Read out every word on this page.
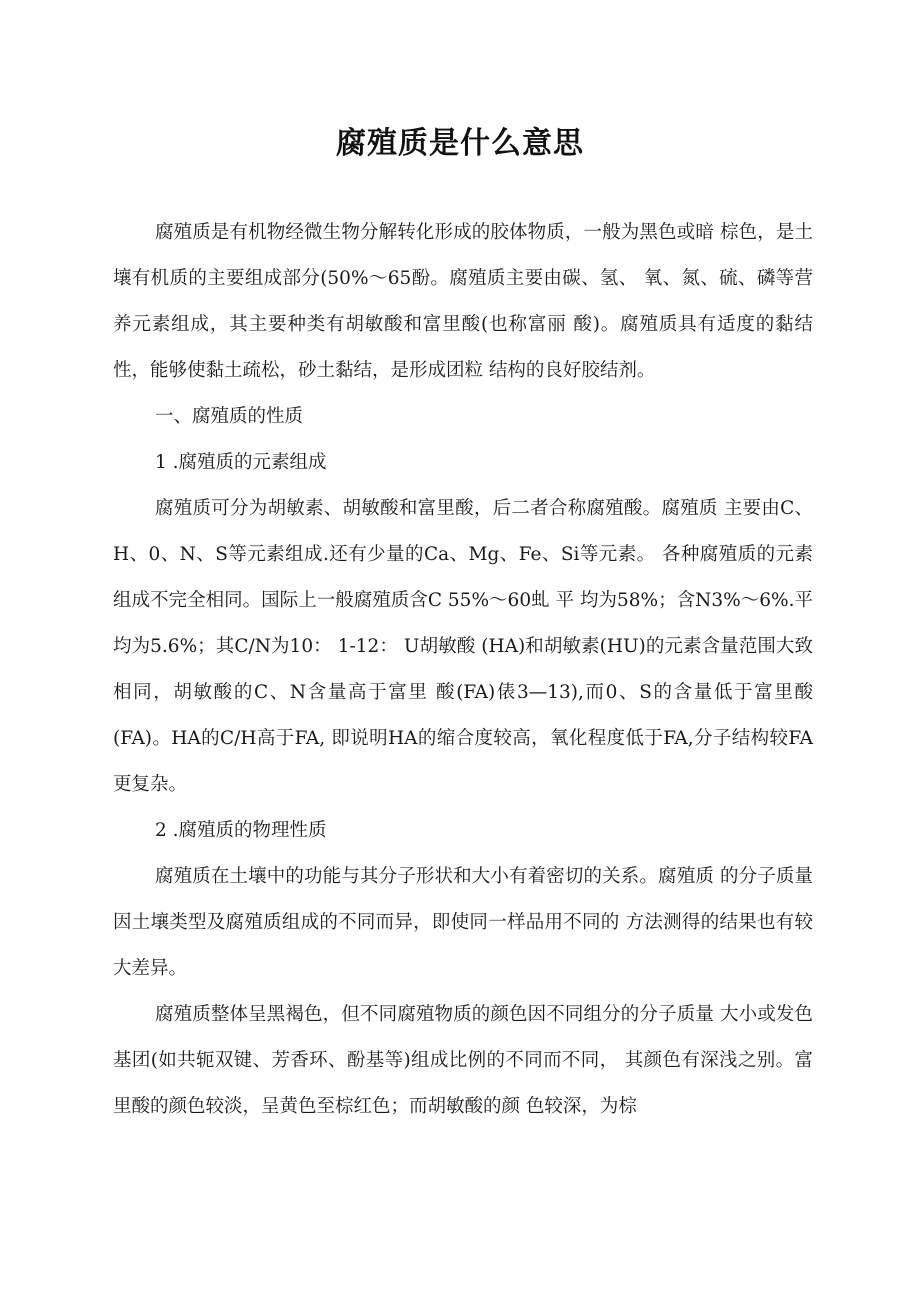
腐殖质是什么意思

腐殖质是有机物经微生物分解转化形成的胶体物质，一般为黑色或暗 棕色，是土壤有机质的主要组成部分(50%～65酚。腐殖质主要由碳、氢、 氧、氮、硫、磷等营养元素组成，其主要种类有胡敏酸和富里酸(也称富丽 酸)。腐殖质具有适度的黏结性，能够使黏土疏松，砂土黏结，是形成团粒 结构的良好胶结剂。

一、腐殖质的性质

1 .腐殖质的元素组成

腐殖质可分为胡敏素、胡敏酸和富里酸，后二者合称腐殖酸。腐殖质 主要由C、H、0、N、S等元素组成.还有少量的Ca、Mg、Fe、Si等元素。 各种腐殖质的元素组成不完全相同。国际上一般腐殖质含C 55%～60虬 平 均为58%；含N3%～6%.平均为5.6%；其C/N为10： 1-12： U胡敏酸 (HA)和胡敏素(HU)的元素含量范围大致相同，胡敏酸的C、N含量高于富里 酸(FA)俵3—13),而0、S的含量低于富里酸(FA)。HA的C/H高于FA, 即说明HA的缩合度较高，氧化程度低于FA,分子结构较FA更复杂。

2 .腐殖质的物理性质

腐殖质在土壤中的功能与其分子形状和大小有着密切的关系。腐殖质 的分子质量因土壤类型及腐殖质组成的不同而异，即使同一样品用不同的 方法测得的结果也有较大差异。

腐殖质整体呈黑褐色，但不同腐殖物质的颜色因不同组分的分子质量 大小或发色基团(如共轭双键、芳香环、酚基等)组成比例的不同而不同， 其颜色有深浅之别。富里酸的颜色较淡，呈黄色至棕红色；而胡敏酸的颜 色较深，为棕
